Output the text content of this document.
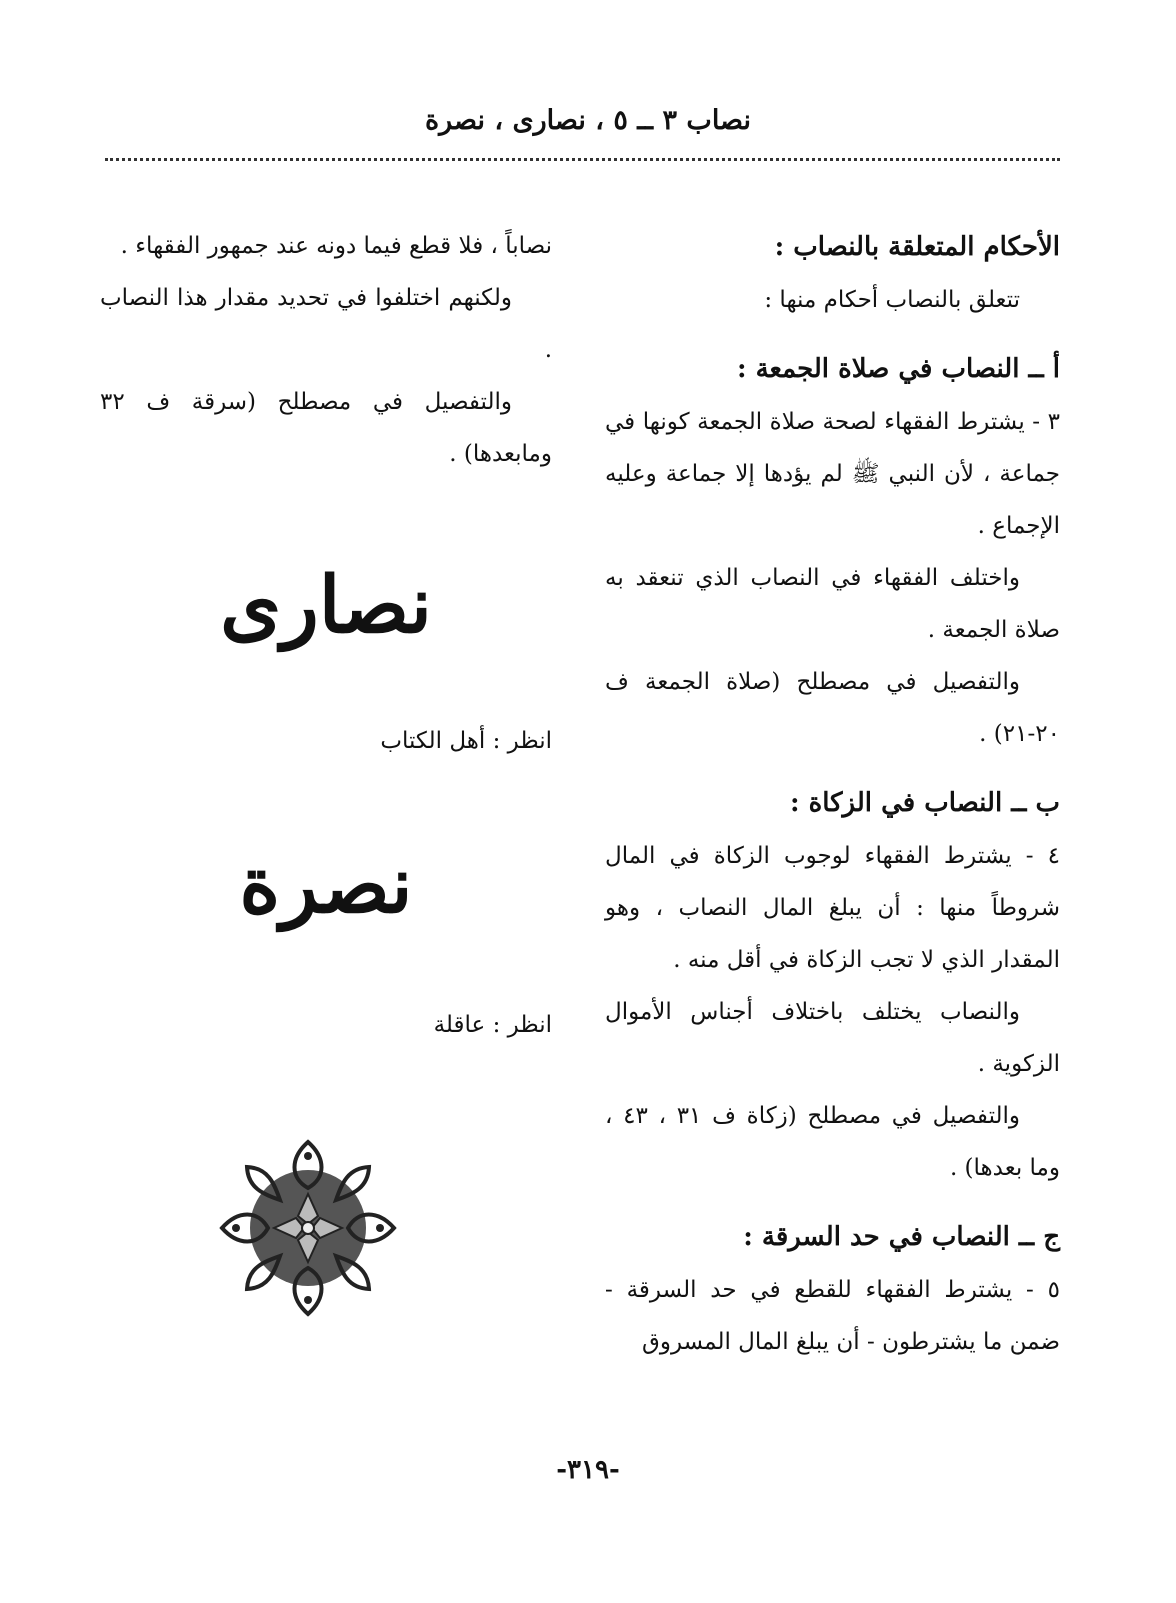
نصاب ٣ ــ ٥ ، نصارى ، نصرة

الأحكام المتعلقة بالنصاب :

تتعلق بالنصاب أحكام منها :

أ ــ النصاب في صلاة الجمعة :

٣ - يشترط الفقهاء لصحة صلاة الجمعة كونها في جماعة ، لأن النبي ﷺ لم يؤدها إلا جماعة وعليه الإجماع .

واختلف الفقهاء في النصاب الذي تنعقد به صلاة الجمعة .

والتفصيل في مصطلح (صلاة الجمعة ف ٢٠-٢١) .

ب ــ النصاب في الزكاة :

٤ - يشترط الفقهاء لوجوب الزكاة في المال شروطاً منها : أن يبلغ المال النصاب ، وهو المقدار الذي لا تجب الزكاة في أقل منه .

والنصاب يختلف باختلاف أجناس الأموال الزكوية .

والتفصيل في مصطلح (زكاة ف ٣١ ، ٤٣ ، وما بعدها) .

ج ــ النصاب في حد السرقة :

٥ - يشترط الفقهاء للقطع في حد السرقة - ضمن ما يشترطون - أن يبلغ المال المسروق

نصاباً ، فلا قطع فيما دونه عند جمهور الفقهاء .

ولكنهم اختلفوا في تحديد مقدار هذا النصاب .

والتفصيل في مصطلح (سرقة ف ٣٢ ومابعدها) .

نصارى
انظر : أهل الكتاب
نصرة
انظر : عاقلة
-٣١٩-
